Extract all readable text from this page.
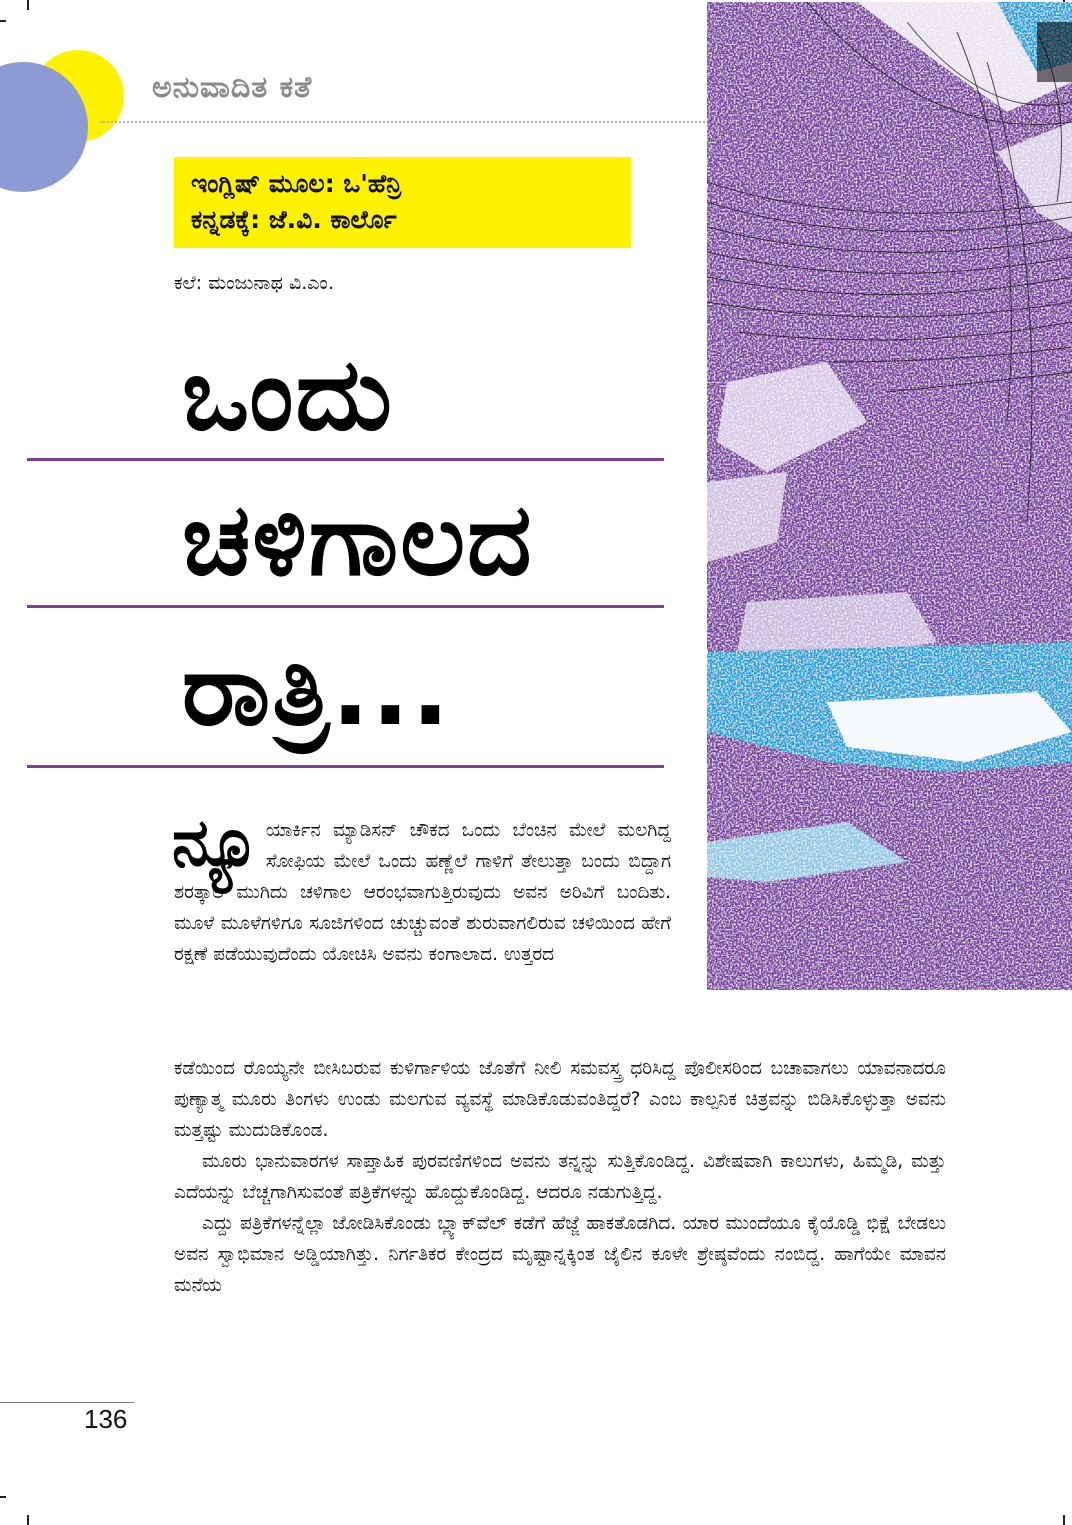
ಅನುವಾದಿತ ಕತೆ
ಇಂಗ್ಲಿಷ್ ಮೂಲ: ಒ'ಹೆನ್ರಿ
ಕನ್ನಡಕ್ಕೆ: ಜೆ.ವಿ. ಕಾರ್ಲೊ
ಕಲೆ: ಮಂಜುನಾಥ ವಿ.ಎಂ.
ಒಂದು
ಚಳಿಗಾಲದ
ರಾತ್ರಿ...
ನ್ಯೂ ಯಾರ್ಕಿನ ಮ್ಯಾಡಿಸನ್ ಚೌಕದ ಒಂದು ಬೆಂಚಿನ ಮೇಲೆ ಮಲಗಿದ್ದ ಸೋಫಿಯ ಮೇಲೆ ಒಂದು ಹಣ್ಣೆಲೆ ಗಾಳಿಗೆ ತೇಲುತ್ತಾ ಬಂದು ಬಿದ್ದಾಗ ಶರತ್ಕಾಲ ಮುಗಿದು ಚಳಿಗಾಲ ಆರಂಭವಾಗುತ್ತಿರುವುದು ಅವನ ಅರಿವಿಗೆ ಬಂದಿತು. ಮೂಳೆ ಮೂಳೆಗಳಿಗೂ ಸೂಜಿಗಳಿಂದ ಚುಚ್ಚುವಂತೆ ಶುರುವಾಗಲಿರುವ ಚಳಿಯಿಂದ ಹೇಗೆ ರಕ್ಷಣೆ ಪಡೆಯುವುದೆಂದು ಯೋಚಿಸಿ ಅವನು ಕಂಗಾಲಾದ. ಉತ್ತರದ

ಕಡೆಯಿಂದ ರೊಯ್ಯನೇ ಬೀಸಿಬರುವ ಕುಳಿರ್ಗಾಳಿಯ ಜೊತೆಗೆ ನೀಲಿ ಸಮವಸ್ತ್ರ ಧರಿಸಿದ್ದ ಪೊಲೀಸರಿಂದ ಬಚಾವಾಗಲು ಯಾವನಾದರೂ ಪುಣ್ಯಾತ್ಮ ಮೂರು ತಿಂಗಳು ಉಂಡು ಮಲಗುವ ವ್ಯವಸ್ಥೆ ಮಾಡಿಕೊಡುವಂತಿದ್ದರೆ? ಎಂಬ ಕಾಲ್ಪನಿಕ ಚಿತ್ರವನ್ನು ಬಿಡಿಸಿಕೊಳ್ಳುತ್ತಾ ಅವನು ಮತ್ತಷ್ಟು ಮುದುಡಿಕೊಂಡ.

ಮೂರು ಭಾನುವಾರಗಳ ಸಾಪ್ತಾಹಿಕ ಪುರವಣಿಗಳಿಂದ ಅವನು ತನ್ನನ್ನು ಸುತ್ತಿಕೊಂಡಿದ್ದ. ವಿಶೇಷವಾಗಿ ಕಾಲುಗಳು, ಹಿಮ್ಮಡಿ, ಮತ್ತು ಎದೆಯನ್ನು ಬೆಚ್ಚಗಾಗಿಸುವಂತೆ ಪತ್ರಿಕೆಗಳನ್ನು ಹೊದ್ದುಕೊಂಡಿದ್ದ. ಆದರೂ ನಡುಗುತ್ತಿದ್ದ.

ಎದ್ದು ಪತ್ರಿಕೆಗಳನ್ನೆಲ್ಲಾ ಜೋಡಿಸಿಕೊಂಡು ಬ್ಲ್ಯಾಕ್‌ವೆಲ್ ಕಡೆಗೆ ಹೆಜ್ಜೆ ಹಾಕತೊಡಗಿದ. ಯಾರ ಮುಂದೆಯೂ ಕೈಯೊಡ್ಡಿ ಭಿಕ್ಷೆ ಬೇಡಲು ಅವನ ಸ್ವಾಭಿಮಾನ ಅಡ್ಡಿಯಾಗಿತ್ತು. ನಿರ್ಗತಿಕರ ಕೇಂದ್ರದ ಮೃಷ್ಟಾನ್ನಕ್ಕಿಂತ ಜೈಲಿನ ಕೂಳೇ ಶ್ರೇಷ್ಠವೆಂದು ನಂಬಿದ್ದ. ಹಾಗೆಯೇ ಮಾವನ ಮನೆಯ

136
